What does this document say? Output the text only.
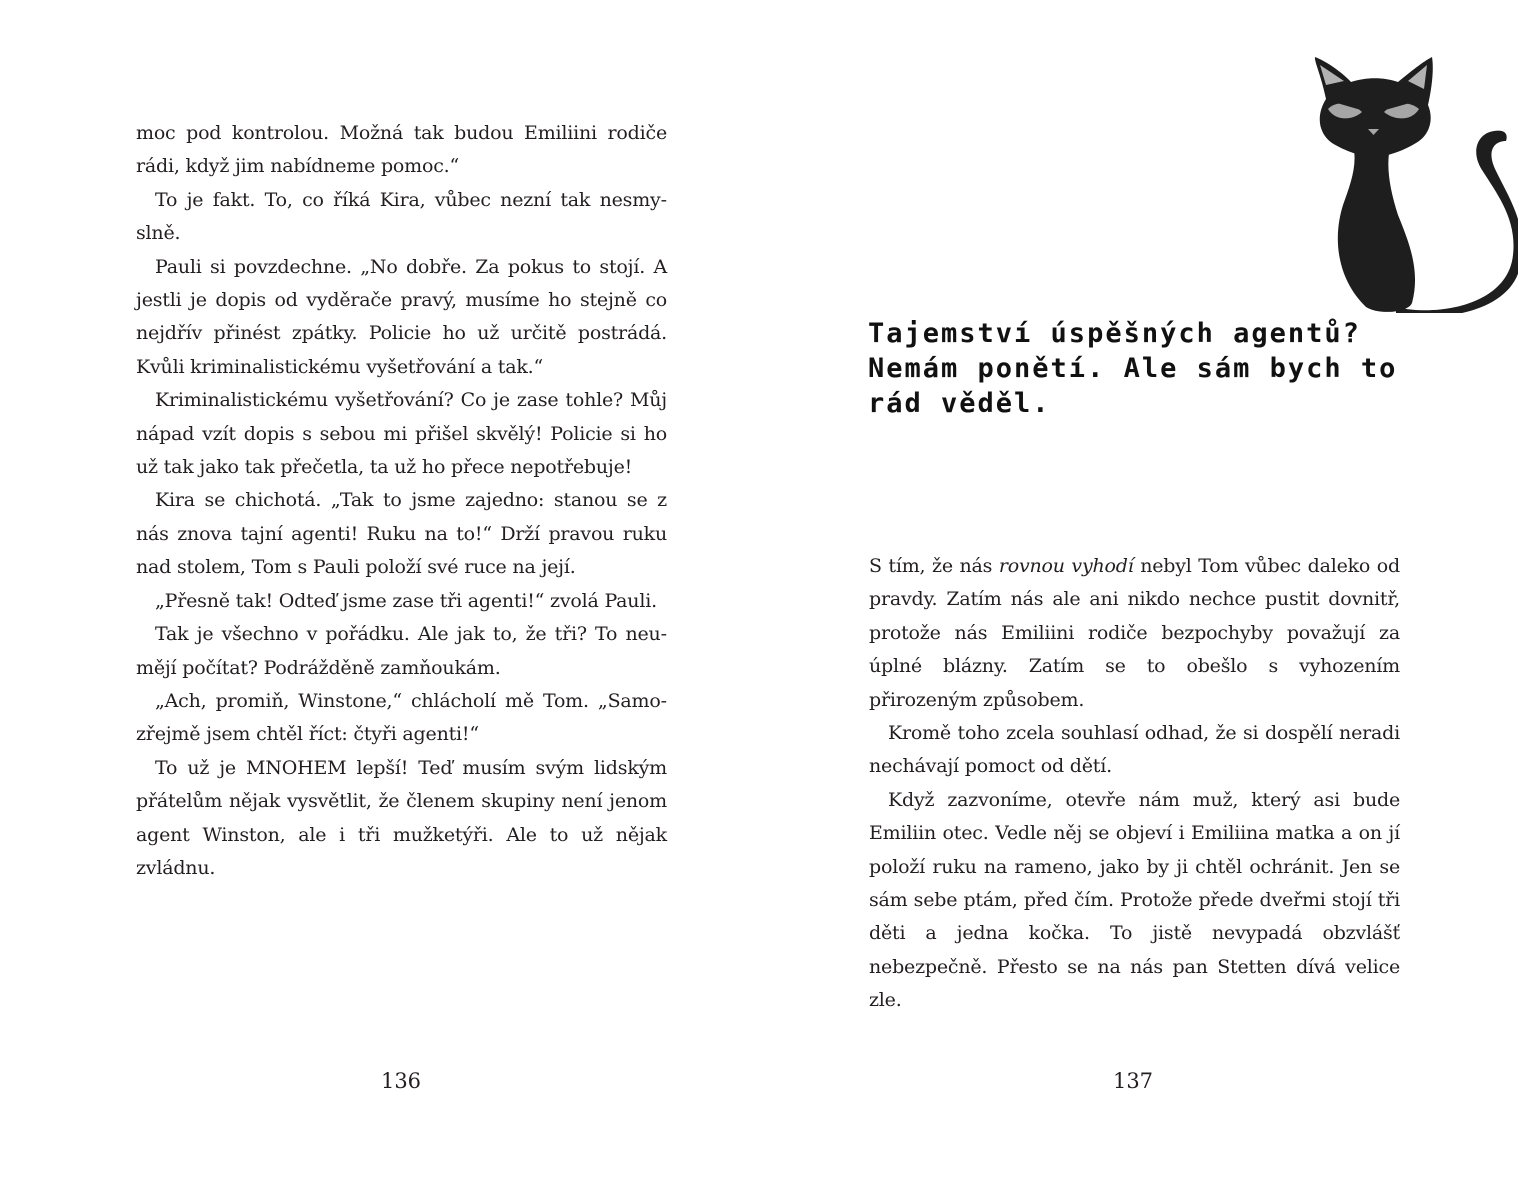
moc pod kontrolou. Možná tak budou Emiliini rodiče rádi, když jim nabídneme pomoc.“

To je fakt. To, co říká Kira, vůbec nezní tak nesmyslně.

Pauli si povzdechne. „No dobře. Za pokus to stojí. A jestli je dopis od vyděrače pravý, musíme ho stejně co nejdřív přinést zpátky. Policie ho už určitě postrádá. Kvůli kriminalistickému vyšetřování a tak.“

Kriminalistickému vyšetřování? Co je zase tohle? Můj nápad vzít dopis s sebou mi přišel skvělý! Policie si ho už tak jako tak přečetla, ta už ho přece nepotřebuje!

Kira se chichotá. „Tak to jsme zajedno: stanou se z nás znova tajní agenti! Ruku na to!“ Drží pravou ruku nad stolem, Tom s Pauli položí své ruce na její.

„Přesně tak! Odteď jsme zase tři agenti!“ zvolá Pauli.

Tak je všechno v pořádku. Ale jak to, že tři? To neumějí počítat? Podrážděně zamňoukám.

„Ach, promiň, Winstone,“ chlácholí mě Tom. „Samozřejmě jsem chtěl říct: čtyři agenti!“

To už je MNOHEM lepší! Teď musím svým lidským přátelům nějak vysvětlit, že členem skupiny není jenom agent Winston, ale i tři mužketýři. Ale to už nějak zvládnu.

136
Tajemství úspěšných agentů?
Nemám ponětí. Ale sám bych to
rád věděl.

S tím, že nás rovnou vyhodí nebyl Tom vůbec daleko od pravdy. Zatím nás ale ani nikdo nechce pustit dovnitř, protože nás Emiliini rodiče bezpochyby považují za úplné blázny. Zatím se to obešlo s vyhozením přirozeným způsobem.

Kromě toho zcela souhlasí odhad, že si dospělí neradi nechávají pomoct od dětí.

Když zazvoníme, otevře nám muž, který asi bude Emiliin otec. Vedle něj se objeví i Emiliina matka a on jí položí ruku na rameno, jako by ji chtěl ochránit. Jen se sám sebe ptám, před čím. Protože přede dveřmi stojí tři děti a jedna kočka. To jistě nevypadá obzvlášť nebezpečně. Přesto se na nás pan Stetten dívá velice zle.

137
